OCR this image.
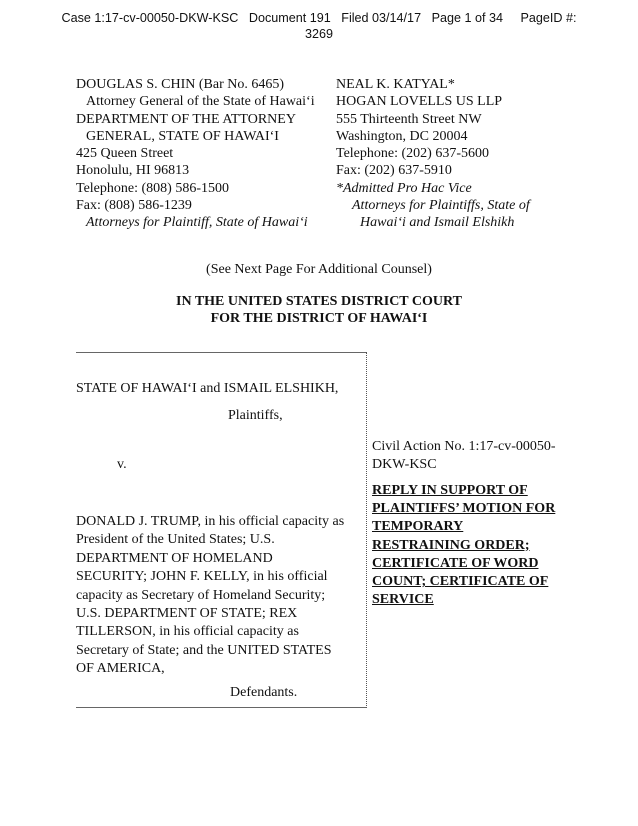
Case 1:17-cv-00050-DKW-KSC   Document 191   Filed 03/14/17   Page 1 of 34     PageID #:
3269
DOUGLAS S. CHIN (Bar No. 6465)
Attorney General of the State of Hawaiʻi
DEPARTMENT OF THE ATTORNEY
GENERAL, STATE OF HAWAIʻI
425 Queen Street
Honolulu, HI 96813
Telephone: (808) 586-1500
Fax: (808) 586-1239
Attorneys for Plaintiff, State of Hawaiʻi
NEAL K. KATYAL*
HOGAN LOVELLS US LLP
555 Thirteenth Street NW
Washington, DC 20004
Telephone: (202) 637-5600
Fax: (202) 637-5910
*Admitted Pro Hac Vice
Attorneys for Plaintiffs, State of
Hawaiʻi and Ismail Elshikh
(See Next Page For Additional Counsel)
IN THE UNITED STATES DISTRICT COURT
FOR THE DISTRICT OF HAWAIʻI
STATE OF HAWAIʻI and ISMAIL ELSHIKH,
Plaintiffs,
v.
DONALD J. TRUMP, in his official capacity as
President of the United States; U.S.
DEPARTMENT OF HOMELAND
SECURITY; JOHN F. KELLY, in his official
capacity as Secretary of Homeland Security;
U.S. DEPARTMENT OF STATE; REX
TILLERSON, in his official capacity as
Secretary of State; and the UNITED STATES
OF AMERICA,
Defendants.
Civil Action No. 1:17-cv-00050-
DKW-KSC
REPLY IN SUPPORT OF
PLAINTIFFS’ MOTION FOR
TEMPORARY
RESTRAINING ORDER;
CERTIFICATE OF WORD
COUNT; CERTIFICATE OF
SERVICE
